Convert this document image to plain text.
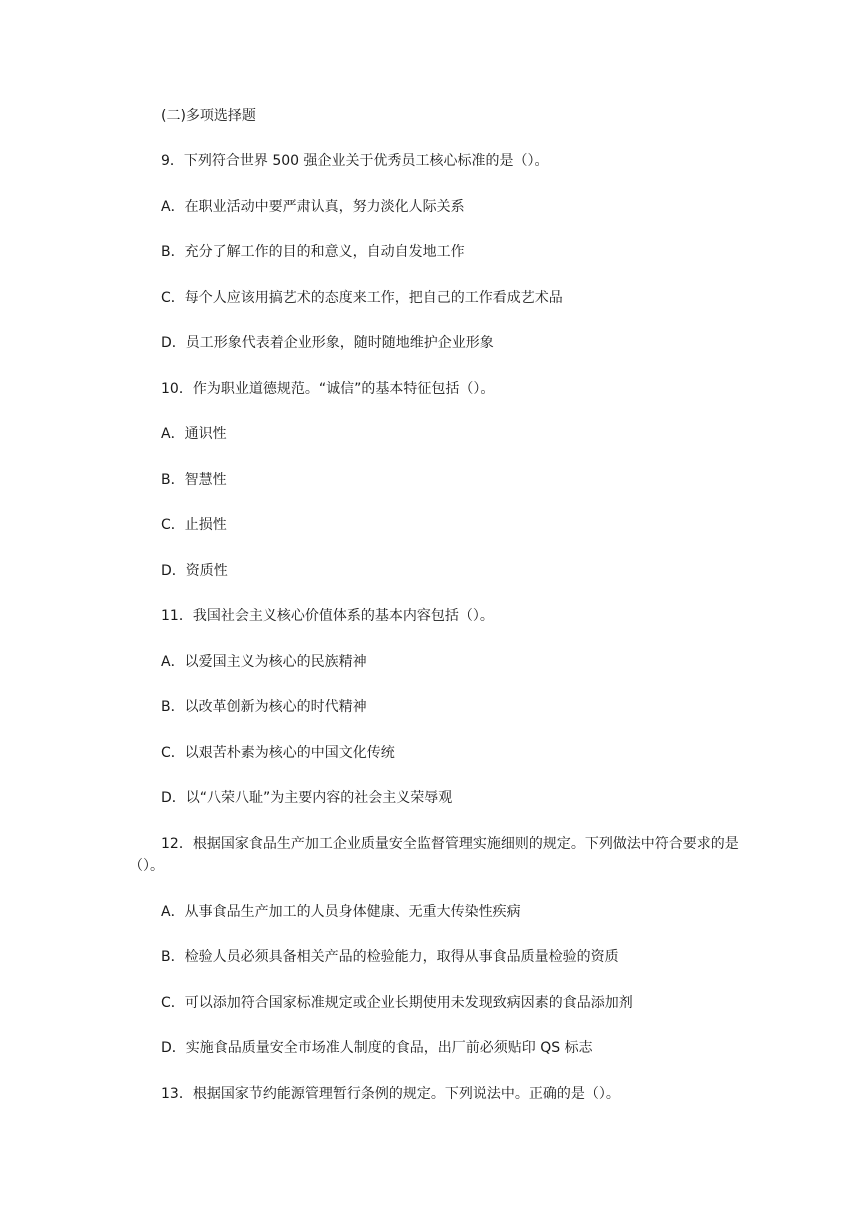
(二)多项选择题
9．下列符合世界 500 强企业关于优秀员工核心标准的是（）。
A．在职业活动中要严肃认真，努力淡化人际关系
B．充分了解工作的目的和意义，自动自发地工作
C．每个人应该用搞艺术的态度来工作，把自己的工作看成艺术品
D．员工形象代表着企业形象，随时随地维护企业形象
10．作为职业道德规范。“诚信”的基本特征包括（）。
A．通识性
B．智慧性
C．止损性
D．资质性
11．我国社会主义核心价值体系的基本内容包括（）。
A．以爱国主义为核心的民族精神
B．以改革创新为核心的时代精神
C．以艰苦朴素为核心的中国文化传统
D．以“八荣八耻”为主要内容的社会主义荣辱观
12．根据国家食品生产加工企业质量安全监督管理实施细则的规定。下列做法中符合要求的是（）。
A．从事食品生产加工的人员身体健康、无重大传染性疾病
B．检验人员必须具备相关产品的检验能力，取得从事食品质量检验的资质
C．可以添加符合国家标准规定或企业长期使用未发现致病因素的食品添加剂
D．实施食品质量安全市场准人制度的食品，出厂前必须贴印 QS 标志
13．根据国家节约能源管理暂行条例的规定。下列说法中。正确的是（）。
